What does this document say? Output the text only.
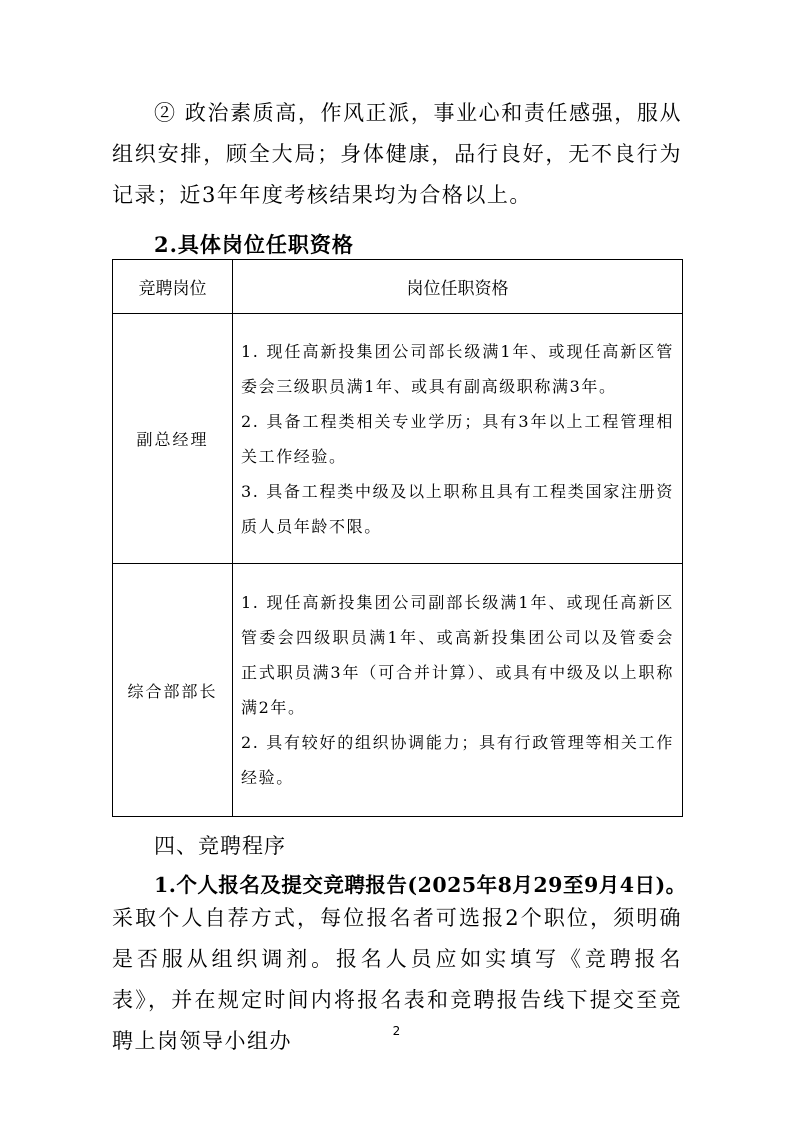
② 政治素质高，作风正派，事业心和责任感强，服从组织安排，顾全大局；身体健康，品行良好，无不良行为记录；近3年年度考核结果均为合格以上。

2.具体岗位任职资格

竞聘岗位	岗位任职资格
副总经理	1. 现任高新投集团公司部长级满1年、或现任高新区管委会三级职员满1年、或具有副高级职称满3年。

2. 具备工程类相关专业学历；具有3年以上工程管理相关工作经验。

3. 具备工程类中级及以上职称且具有工程类国家注册资质人员年龄不限。

综合部部长	1. 现任高新投集团公司副部长级满1年、或现任高新区管委会四级职员满1年、或高新投集团公司以及管委会正式职员满3年（可合并计算）、或具有中级及以上职称满2年。

2. 具有较好的组织协调能力；具有行政管理等相关工作经验。

四、竞聘程序

1.个人报名及提交竞聘报告(2025年8月29至9月4日)。

采取个人自荐方式，每位报名者可选报2个职位，须明确是否服从组织调剂。报名人员应如实填写《竞聘报名表》，并在规定时间内将报名表和竞聘报告线下提交至竞聘上岗领导小组办	2
